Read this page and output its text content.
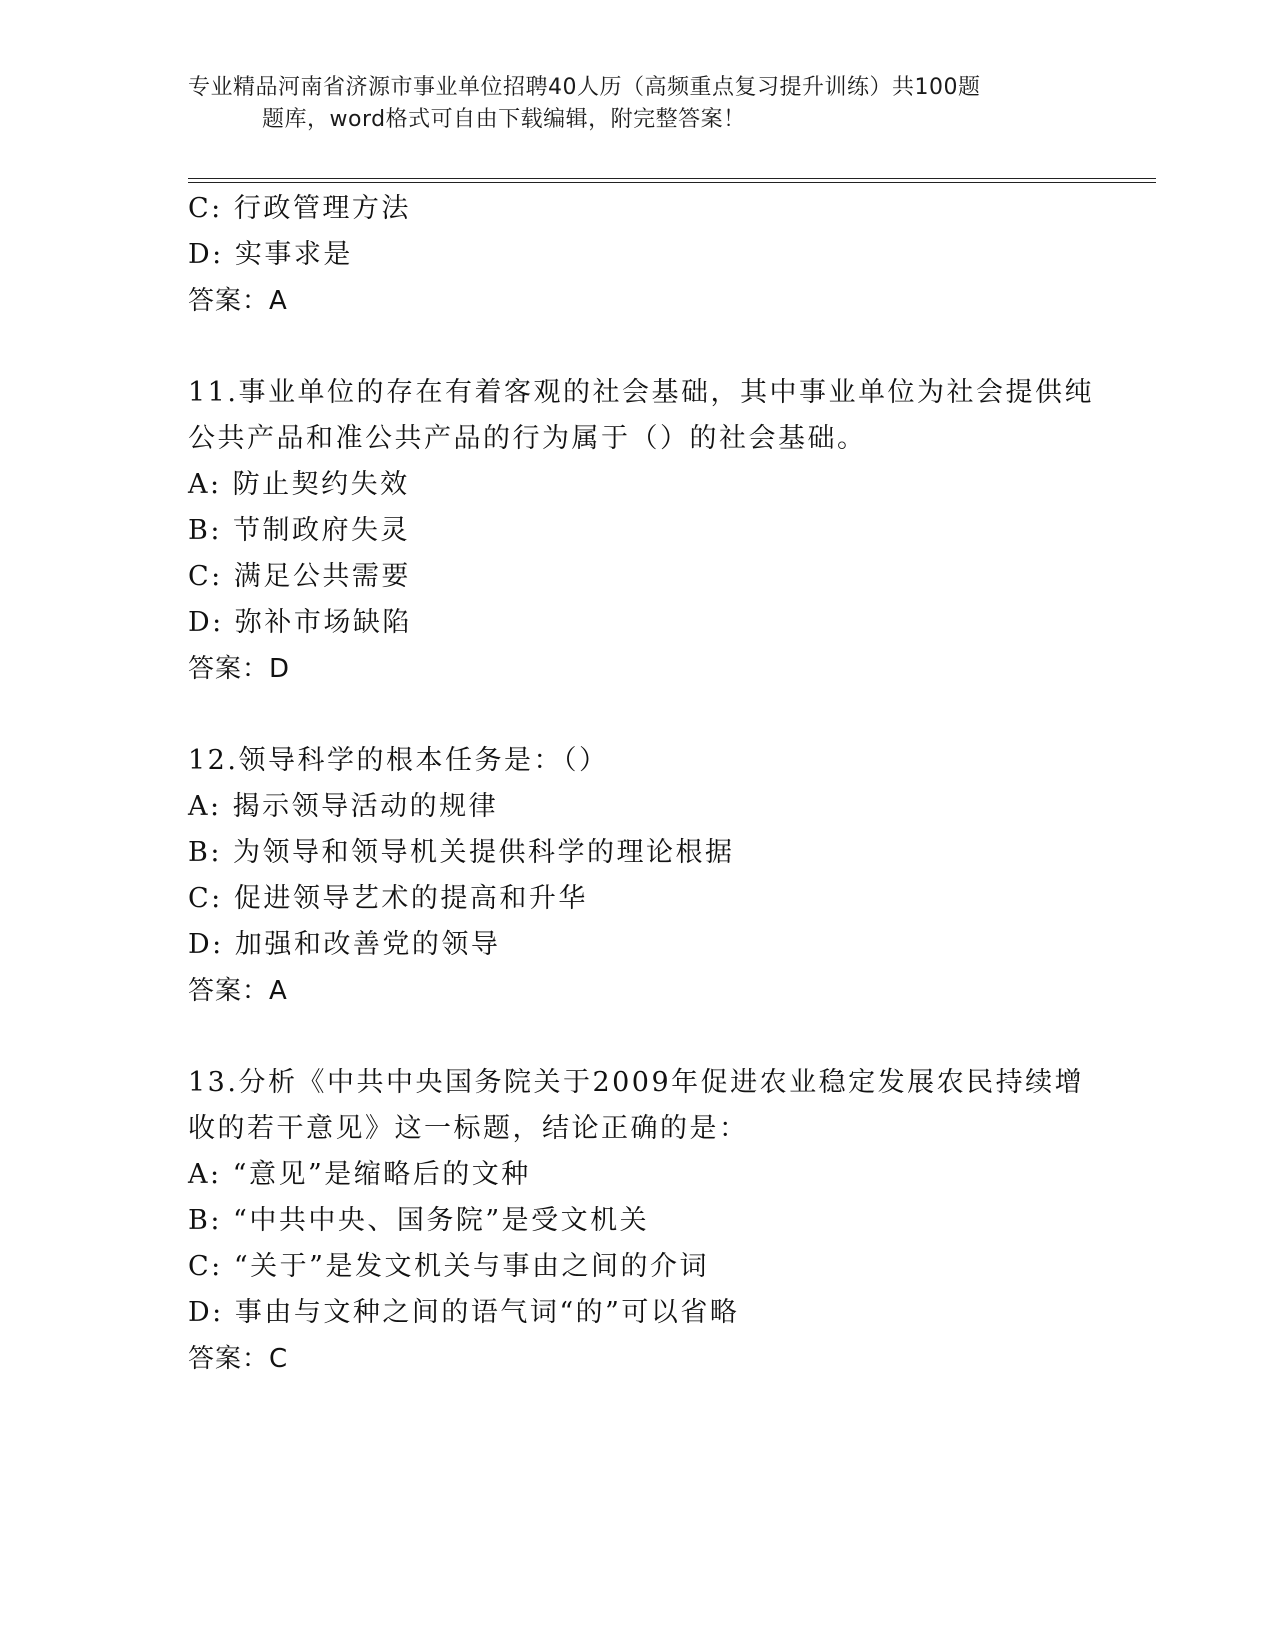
专业精品河南省济源市事业单位招聘40人历（高频重点复习提升训练）共100题
题库，word格式可自由下载编辑，附完整答案！
C: 行政管理方法
D: 实事求是
答案：A
11.事业单位的存在有着客观的社会基础，其中事业单位为社会提供纯
公共产品和准公共产品的行为属于（）的社会基础。
A: 防止契约失效
B: 节制政府失灵
C: 满足公共需要
D: 弥补市场缺陷
答案：D
12.领导科学的根本任务是：（）
A: 揭示领导活动的规律
B: 为领导和领导机关提供科学的理论根据
C: 促进领导艺术的提高和升华
D: 加强和改善党的领导
答案：A
13.分析《中共中央国务院关于2009年促进农业稳定发展农民持续增
收的若干意见》这一标题，结论正确的是：
A: “意见”是缩略后的文种
B: “中共中央、国务院”是受文机关
C: “关于”是发文机关与事由之间的介词
D: 事由与文种之间的语气词“的”可以省略
答案：C
